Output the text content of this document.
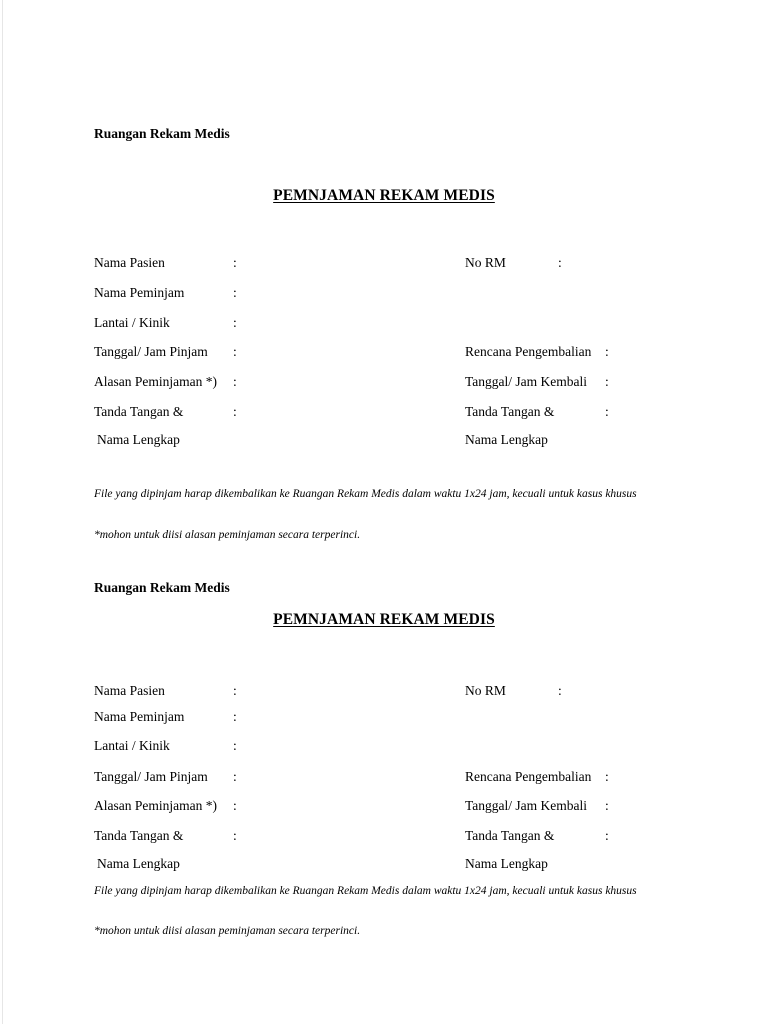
Ruangan Rekam Medis
PEMNJAMAN REKAM MEDIS
Nama Pasien	:	No RM	:
Nama Peminjam	:
Lantai / Kinik	:
Tanggal/ Jam Pinjam :	Rencana Pengembalian :
Alasan Peminjaman *) :	Tanggal/ Jam Kembali :
Tanda Tangan &	:	Tanda Tangan &	:
Nama Lengkap	Nama Lengkap
File yang dipinjam harap dikembalikan ke Ruangan Rekam Medis dalam waktu 1x24 jam, kecuali untuk kasus khusus
*mohon untuk diisi alasan peminjaman secara terperinci.
Ruangan Rekam Medis
PEMNJAMAN REKAM MEDIS
Nama Pasien	:	No RM	:
Nama Peminjam	:
Lantai / Kinik	:
Tanggal/ Jam Pinjam :	Rencana Pengembalian :
Alasan Peminjaman *) :	Tanggal/ Jam Kembali :
Tanda Tangan &	:	Tanda Tangan &	:
Nama Lengkap	Nama Lengkap
File yang dipinjam harap dikembalikan ke Ruangan Rekam Medis dalam waktu 1x24 jam, kecuali untuk kasus khusus
*mohon untuk diisi alasan peminjaman secara terperinci.
